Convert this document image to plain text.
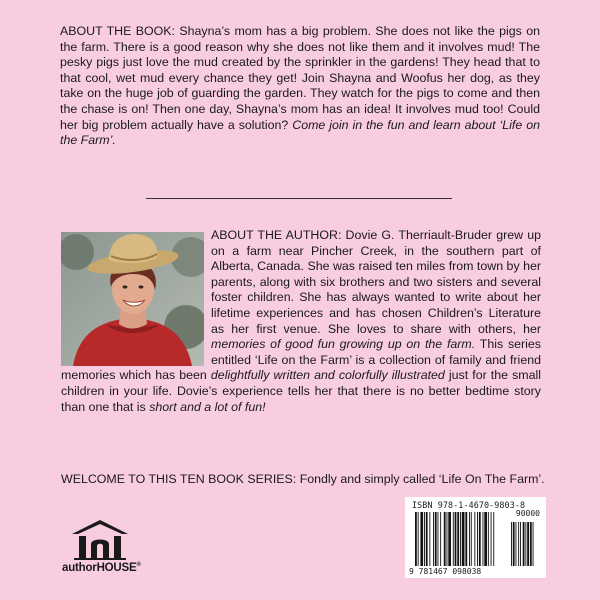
ABOUT THE BOOK: Shayna’s mom has a big problem. She does not like the pigs on the farm. There is a good reason why she does not like them and it involves mud! The pesky pigs just love the mud created by the sprinkler in the gardens! They head that to that cool, wet mud every chance they get! Join Shayna and Woofus her dog, as they take on the huge job of guarding the garden. They watch for the pigs to come and then the chase is on! Then one day, Shayna’s mom has an idea! It involves mud too! Could her big problem actually have a solution? Come join in the fun and learn about ‘Life on the Farm’.

ABOUT THE AUTHOR: Dovie G. Therriault-Bruder grew up on a farm near Pincher Creek, in the southern part of Alberta, Canada. She was raised ten miles from town by her parents, along with six brothers and two sisters and several foster children. She has always wanted to write about her lifetime experiences and has chosen Children’s Literature as her first venue. She loves to share with others, her memories of good fun growing up on the farm. This series entitled ‘Life on the Farm’ is a collection of family and friend memories which has been delightfully written and colorfully illustrated just for the small children in your life. Dovie’s experience tells her that there is no better bedtime story than one that is short and a lot of fun!

WELCOME TO THIS TEN BOOK SERIES: Fondly and simply called ‘Life On The Farm’.

authorHOUSE®
ISBN 978-1-4670-9803-8
9 781467 098038
90000
